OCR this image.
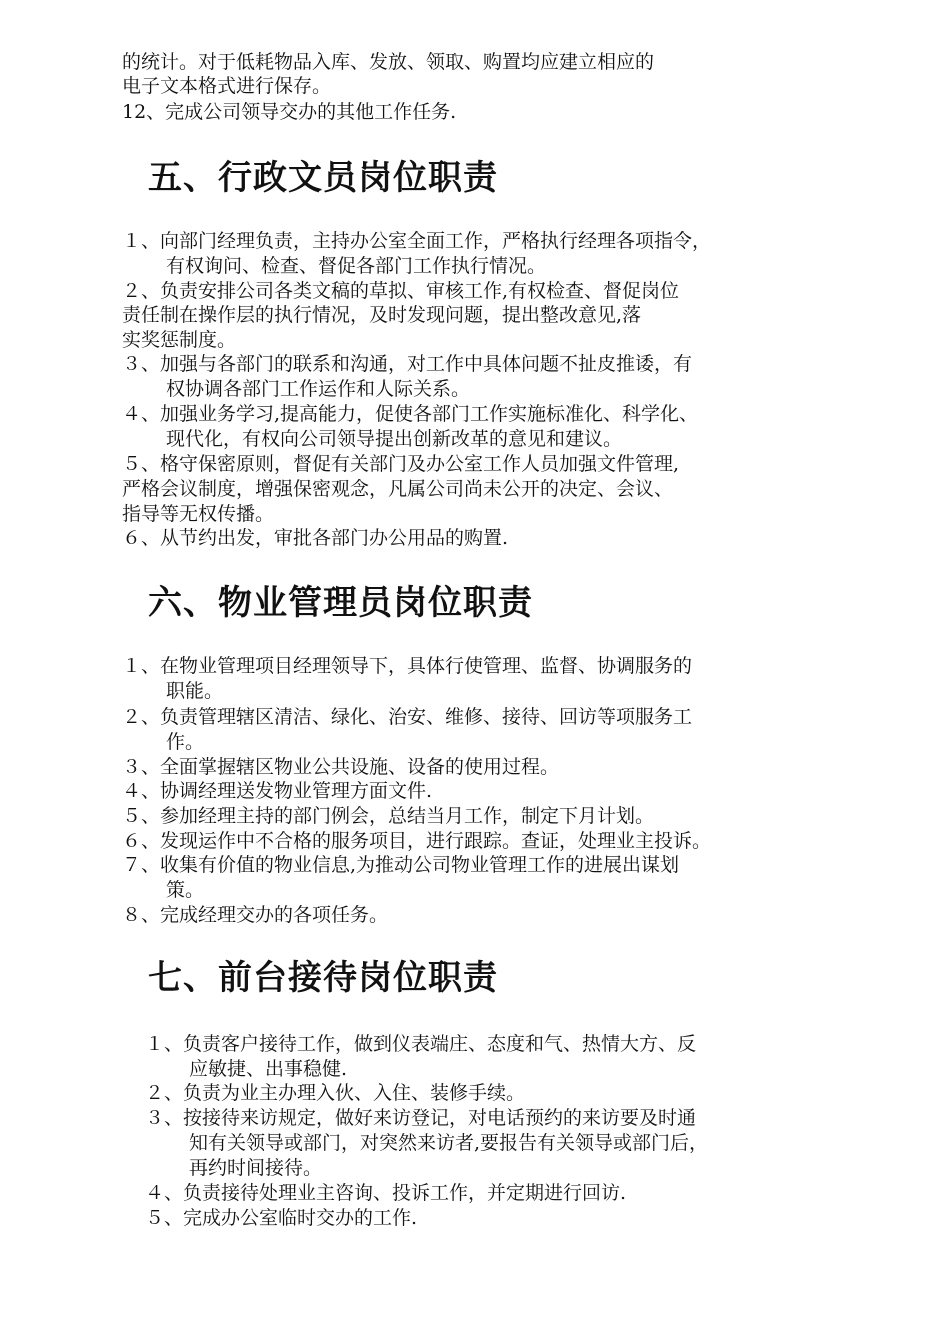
的统计。对于低耗物品入库、发放、领取、购置均应建立相应的
电子文本格式进行保存。
12、完成公司领导交办的其他工作任务.
五、行政文员岗位职责
１、向部门经理负责，主持办公室全面工作，严格执行经理各项指令，
有权询问、检查、督促各部门工作执行情况。
２、负责安排公司各类文稿的草拟、审核工作,有权检查、督促岗位
责任制在操作层的执行情况，及时发现问题，提出整改意见,落
实奖惩制度。
３、加强与各部门的联系和沟通，对工作中具体问题不扯皮推诿，有
权协调各部门工作运作和人际关系。
４、加强业务学习,提高能力，促使各部门工作实施标准化、科学化、
现代化，有权向公司领导提出创新改革的意见和建议。
５、格守保密原则，督促有关部门及办公室工作人员加强文件管理,
严格会议制度，增强保密观念，凡属公司尚未公开的决定、会议、
指导等无权传播。
６、从节约出发，审批各部门办公用品的购置.
六、物业管理员岗位职责
１、在物业管理项目经理领导下，具体行使管理、监督、协调服务的
职能。
２、负责管理辖区清洁、绿化、治安、维修、接待、回访等项服务工
作。
３、全面掌握辖区物业公共设施、设备的使用过程。
４、协调经理送发物业管理方面文件.
５、参加经理主持的部门例会，总结当月工作，制定下月计划。
６、发现运作中不合格的服务项目，进行跟踪。查证，处理业主投诉。
７、收集有价值的物业信息,为推动公司物业管理工作的进展出谋划
策。
８、完成经理交办的各项任务。
七、前台接待岗位职责
１、负责客户接待工作，做到仪表端庄、态度和气、热情大方、反
应敏捷、出事稳健.
２、负责为业主办理入伙、入住、装修手续。
３、按接待来访规定，做好来访登记，对电话预约的来访要及时通
知有关领导或部门，对突然来访者,要报告有关领导或部门后，
再约时间接待。
４、负责接待处理业主咨询、投诉工作，并定期进行回访.
５、完成办公室临时交办的工作.
